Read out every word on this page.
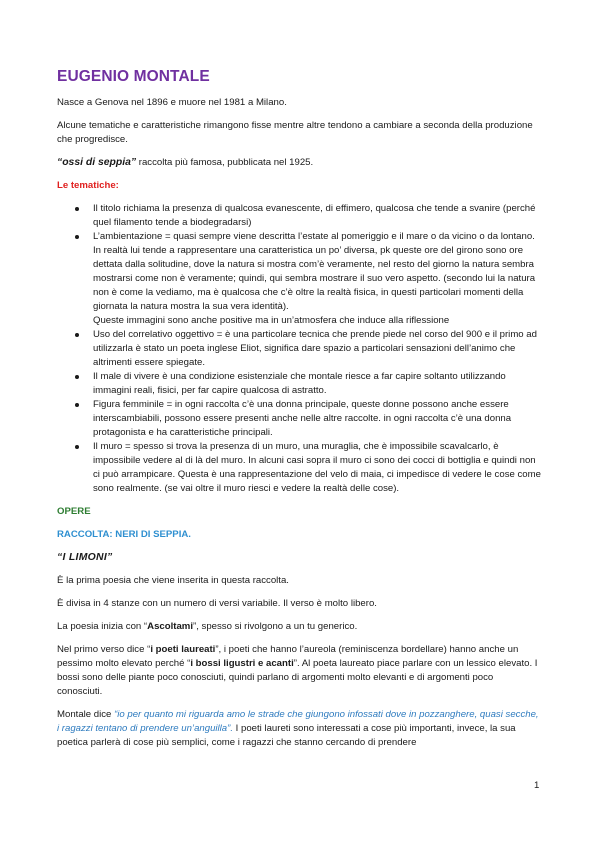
EUGENIO MONTALE

Nasce a Genova nel 1896 e muore nel 1981 a Milano.

Alcune tematiche e caratteristiche rimangono fisse mentre altre tendono a cambiare a seconda della produzione che progredisce.

“ossi di seppia” raccolta più famosa, pubblicata nel 1925.

Le tematiche:

Il titolo richiama la presenza di qualcosa evanescente, di effimero, qualcosa che tende a svanire (perché quel filamento tende a biodegradarsi)
L’ambientazione = quasi sempre viene descritta l’estate al pomeriggio e il mare o da vicino o da lontano.
In realtà lui tende a rappresentare una caratteristica un po’ diversa, pk queste ore del girono sono ore dettata dalla solitudine, dove la natura si mostra com’è veramente, nel resto del giorno la natura sembra mostrarsi come non è veramente; quindi, qui sembra mostrare il suo vero aspetto. (secondo lui la natura non è come la vediamo, ma è qualcosa che c’è oltre la realtà fisica, in questi particolari momenti della giornata la natura mostra la sua vera identità).
Queste immagini sono anche positive ma in un’atmosfera che induce alla riflessione
Uso del correlativo oggettivo = è una particolare tecnica che prende piede nel corso del 900 e il primo ad utilizzarla è stato un poeta inglese Eliot, significa dare spazio a particolari sensazioni dell’animo che altrimenti essere spiegate.
Il male di vivere è una condizione esistenziale che montale riesce a far capire soltanto utilizzando immagini reali, fisici, per far capire qualcosa di astratto.
Figura femminile = in ogni raccolta c’è una donna principale, queste donne possono anche essere interscambiabili, possono essere presenti anche nelle altre raccolte. in ogni raccolta c’è una donna protagonista e ha caratteristiche principali.
Il muro = spesso si trova la presenza di un muro, una muraglia, che è impossibile scavalcarlo, è impossibile vedere al di là del muro. In alcuni casi sopra il muro ci sono dei cocci di bottiglia e quindi non ci può arrampicare. Questa è una rappresentazione del velo di maia, ci impedisce di vedere le cose come sono realmente. (se vai oltre il muro riesci e vedere la realtà delle cose).

OPERE

RACCOLTA: NERI DI SEPPIA.

“I LIMONI”

È la prima poesia che viene inserita in questa raccolta.

È divisa in 4 stanze con un numero di versi variabile. Il verso è molto libero.

La poesia inizia con “Ascoltami”, spesso si rivolgono a un tu generico.

Nel primo verso dice “i poeti laureati”, i poeti che hanno l’aureola (reminiscenza bordellare) hanno anche un pessimo molto elevato perché “i bossi ligustri e acanti”. Al poeta laureato piace parlare con un lessico elevato. I bossi sono delle piante poco conosciuti, quindi parlano di argomenti molto elevanti e di argomenti poco conosciuti.

Montale dice “io per quanto mi riguarda amo le strade che giungono infossati dove in pozzanghere, quasi secche, i ragazzi tentano di prendere un’anguilla”. I poeti laureti sono interessati a cose più importanti, invece, la sua poetica parlerà di cose più semplici, come i ragazzi che stanno cercando di prendere

1
